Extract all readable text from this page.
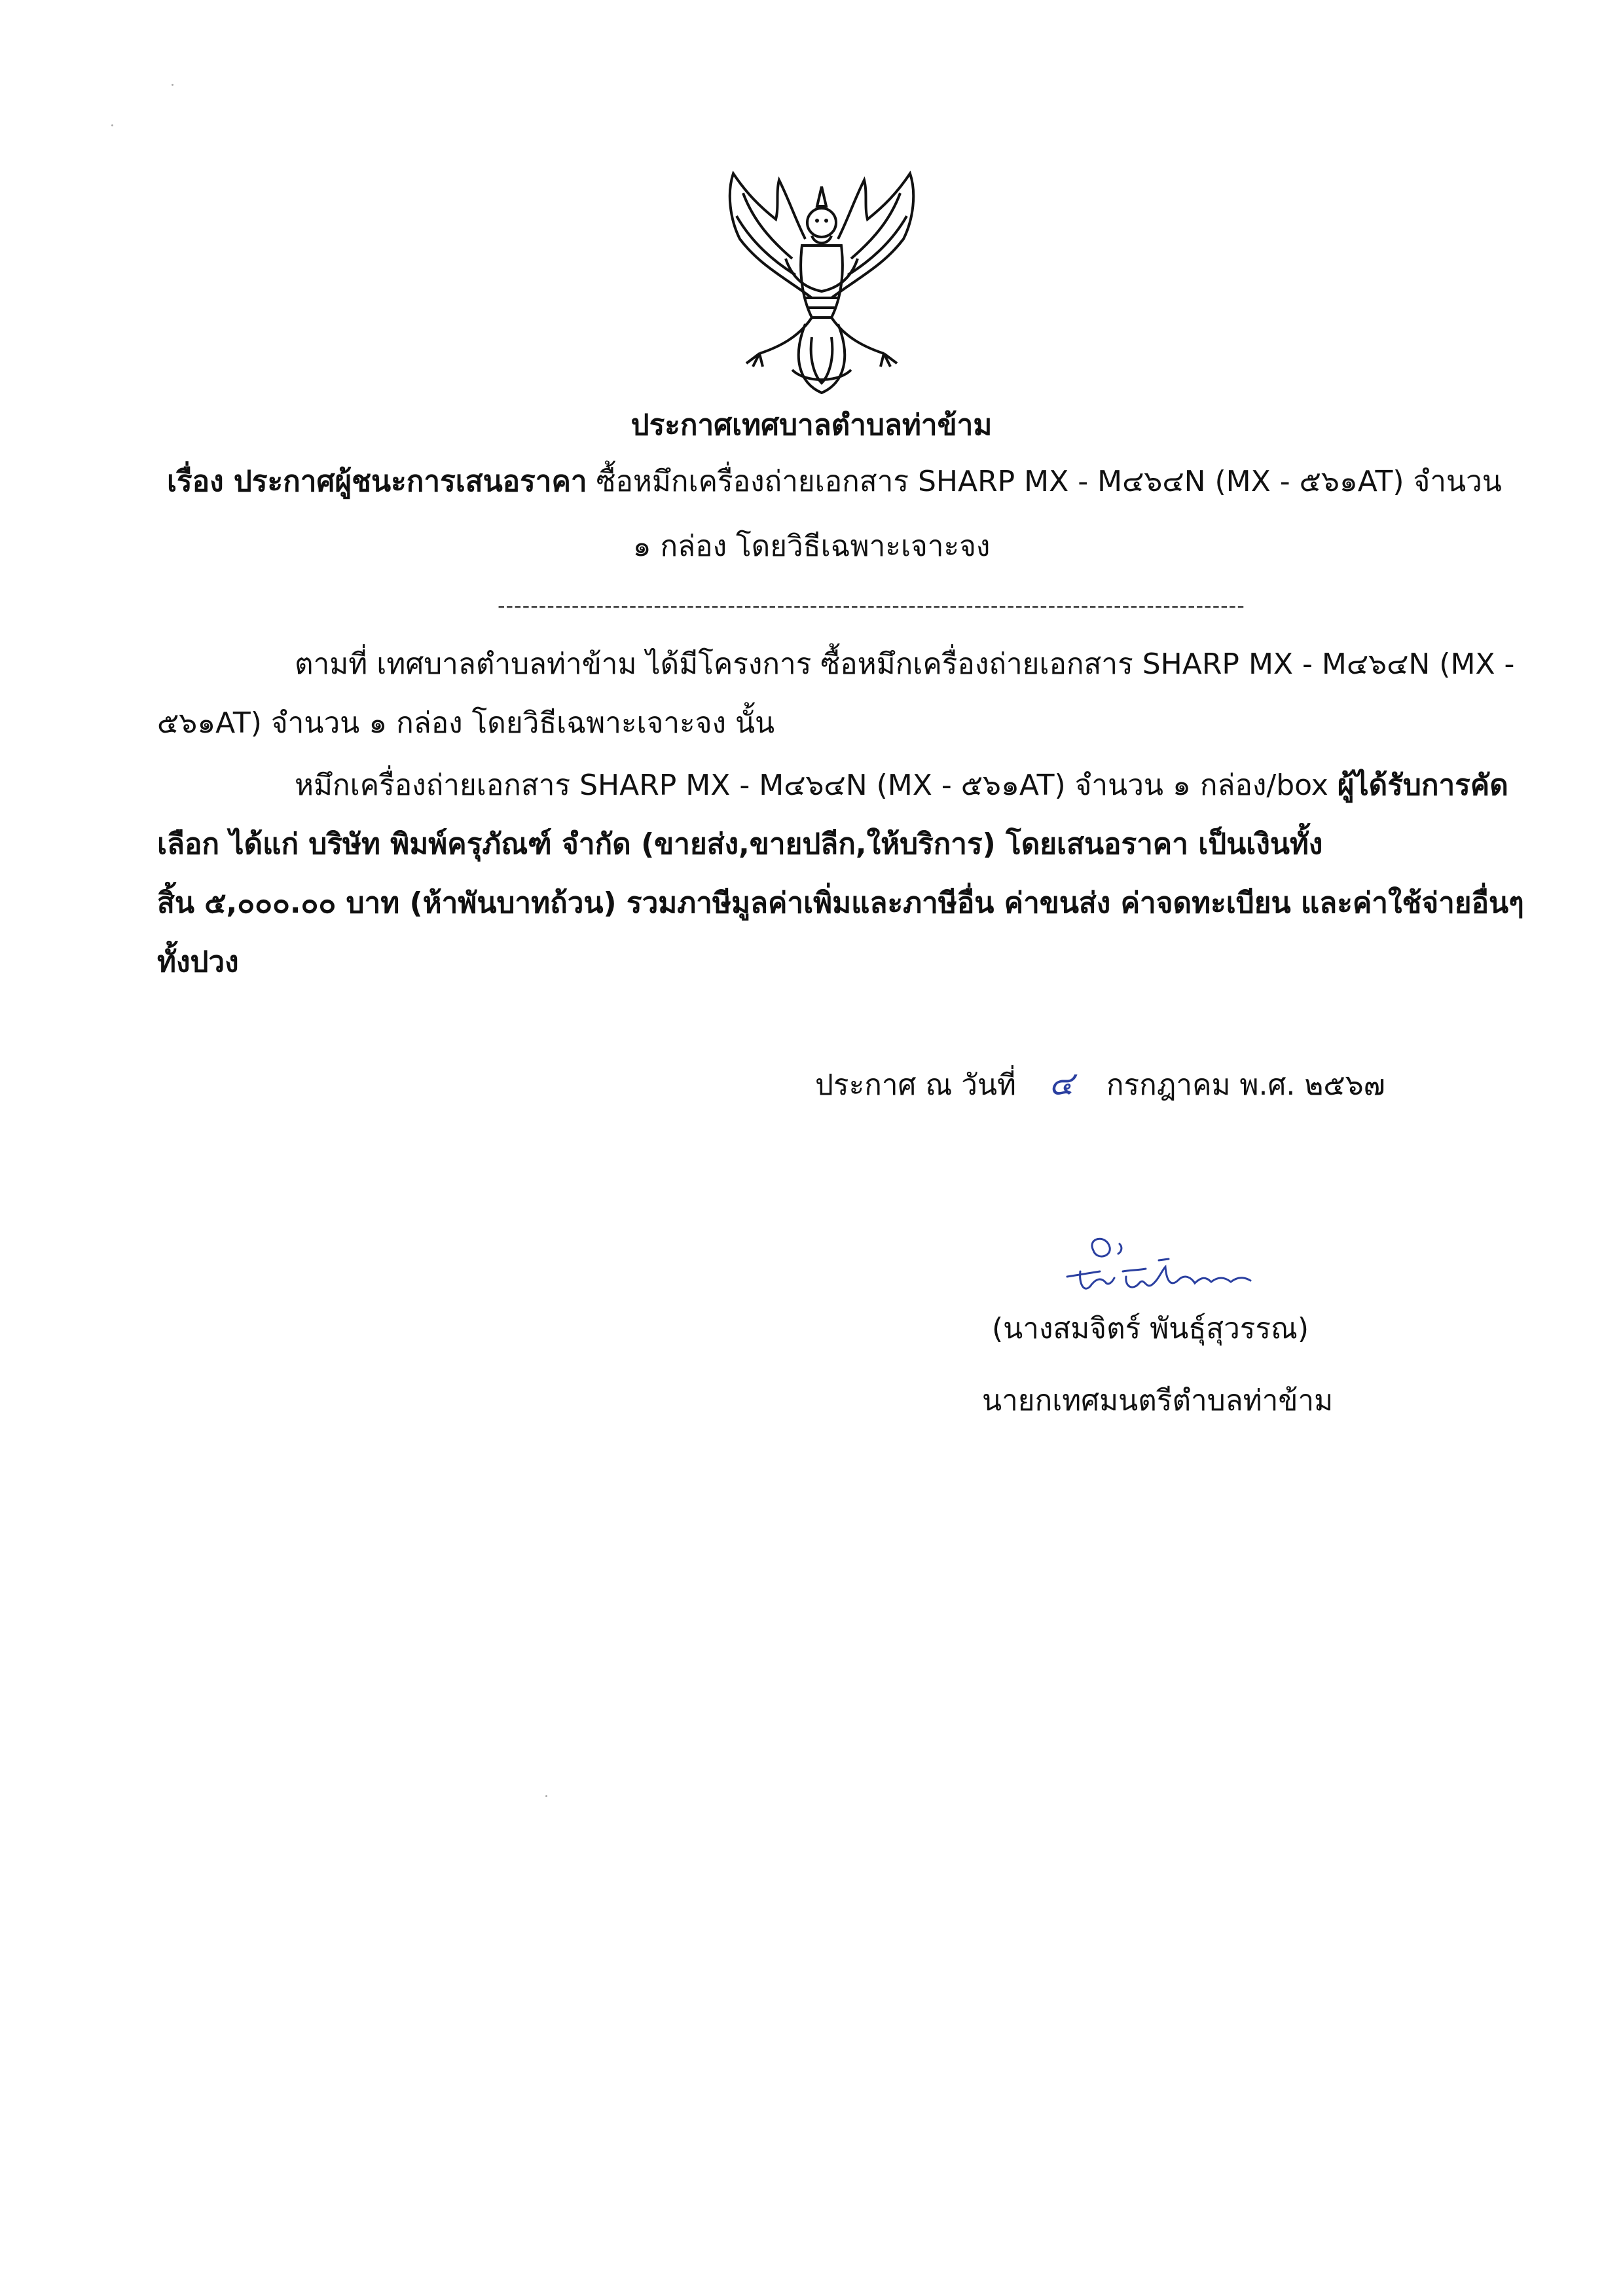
ประกาศเทศบาลตำบลท่าข้าม
เรื่อง ประกาศผู้ชนะการเสนอราคา ซื้อหมึกเครื่องถ่ายเอกสาร SHARP MX - M๔๖๔N (MX - ๕๖๑AT) จำนวน
๑ กล่อง โดยวิธีเฉพาะเจาะจง
-------------------------------------------------------------------------------------------
ตามที่ เทศบาลตำบลท่าข้าม ได้มีโครงการ ซื้อหมึกเครื่องถ่ายเอกสาร SHARP MX - M๔๖๔N (MX -
๕๖๑AT) จำนวน ๑ กล่อง โดยวิธีเฉพาะเจาะจง นั้น
หมึกเครื่องถ่ายเอกสาร SHARP MX - M๔๖๔N (MX - ๕๖๑AT) จำนวน ๑ กล่อง/box ผู้ได้รับการคัด
เลือก ได้แก่ บริษัท พิมพ์ครุภัณฑ์ จำกัด (ขายส่ง,ขายปลีก,ให้บริการ) โดยเสนอราคา เป็นเงินทั้ง
สิ้น ๕,๐๐๐.๐๐ บาท (ห้าพันบาทถ้วน) รวมภาษีมูลค่าเพิ่มและภาษีอื่น ค่าขนส่ง ค่าจดทะเบียน และค่าใช้จ่ายอื่นๆ
ทั้งปวง
ประกาศ ณ วันที่ ๔ กรกฎาคม พ.ศ. ๒๕๖๗
(นางสมจิตร์ พันธุ์สุวรรณ)
นายกเทศมนตรีตำบลท่าข้าม
